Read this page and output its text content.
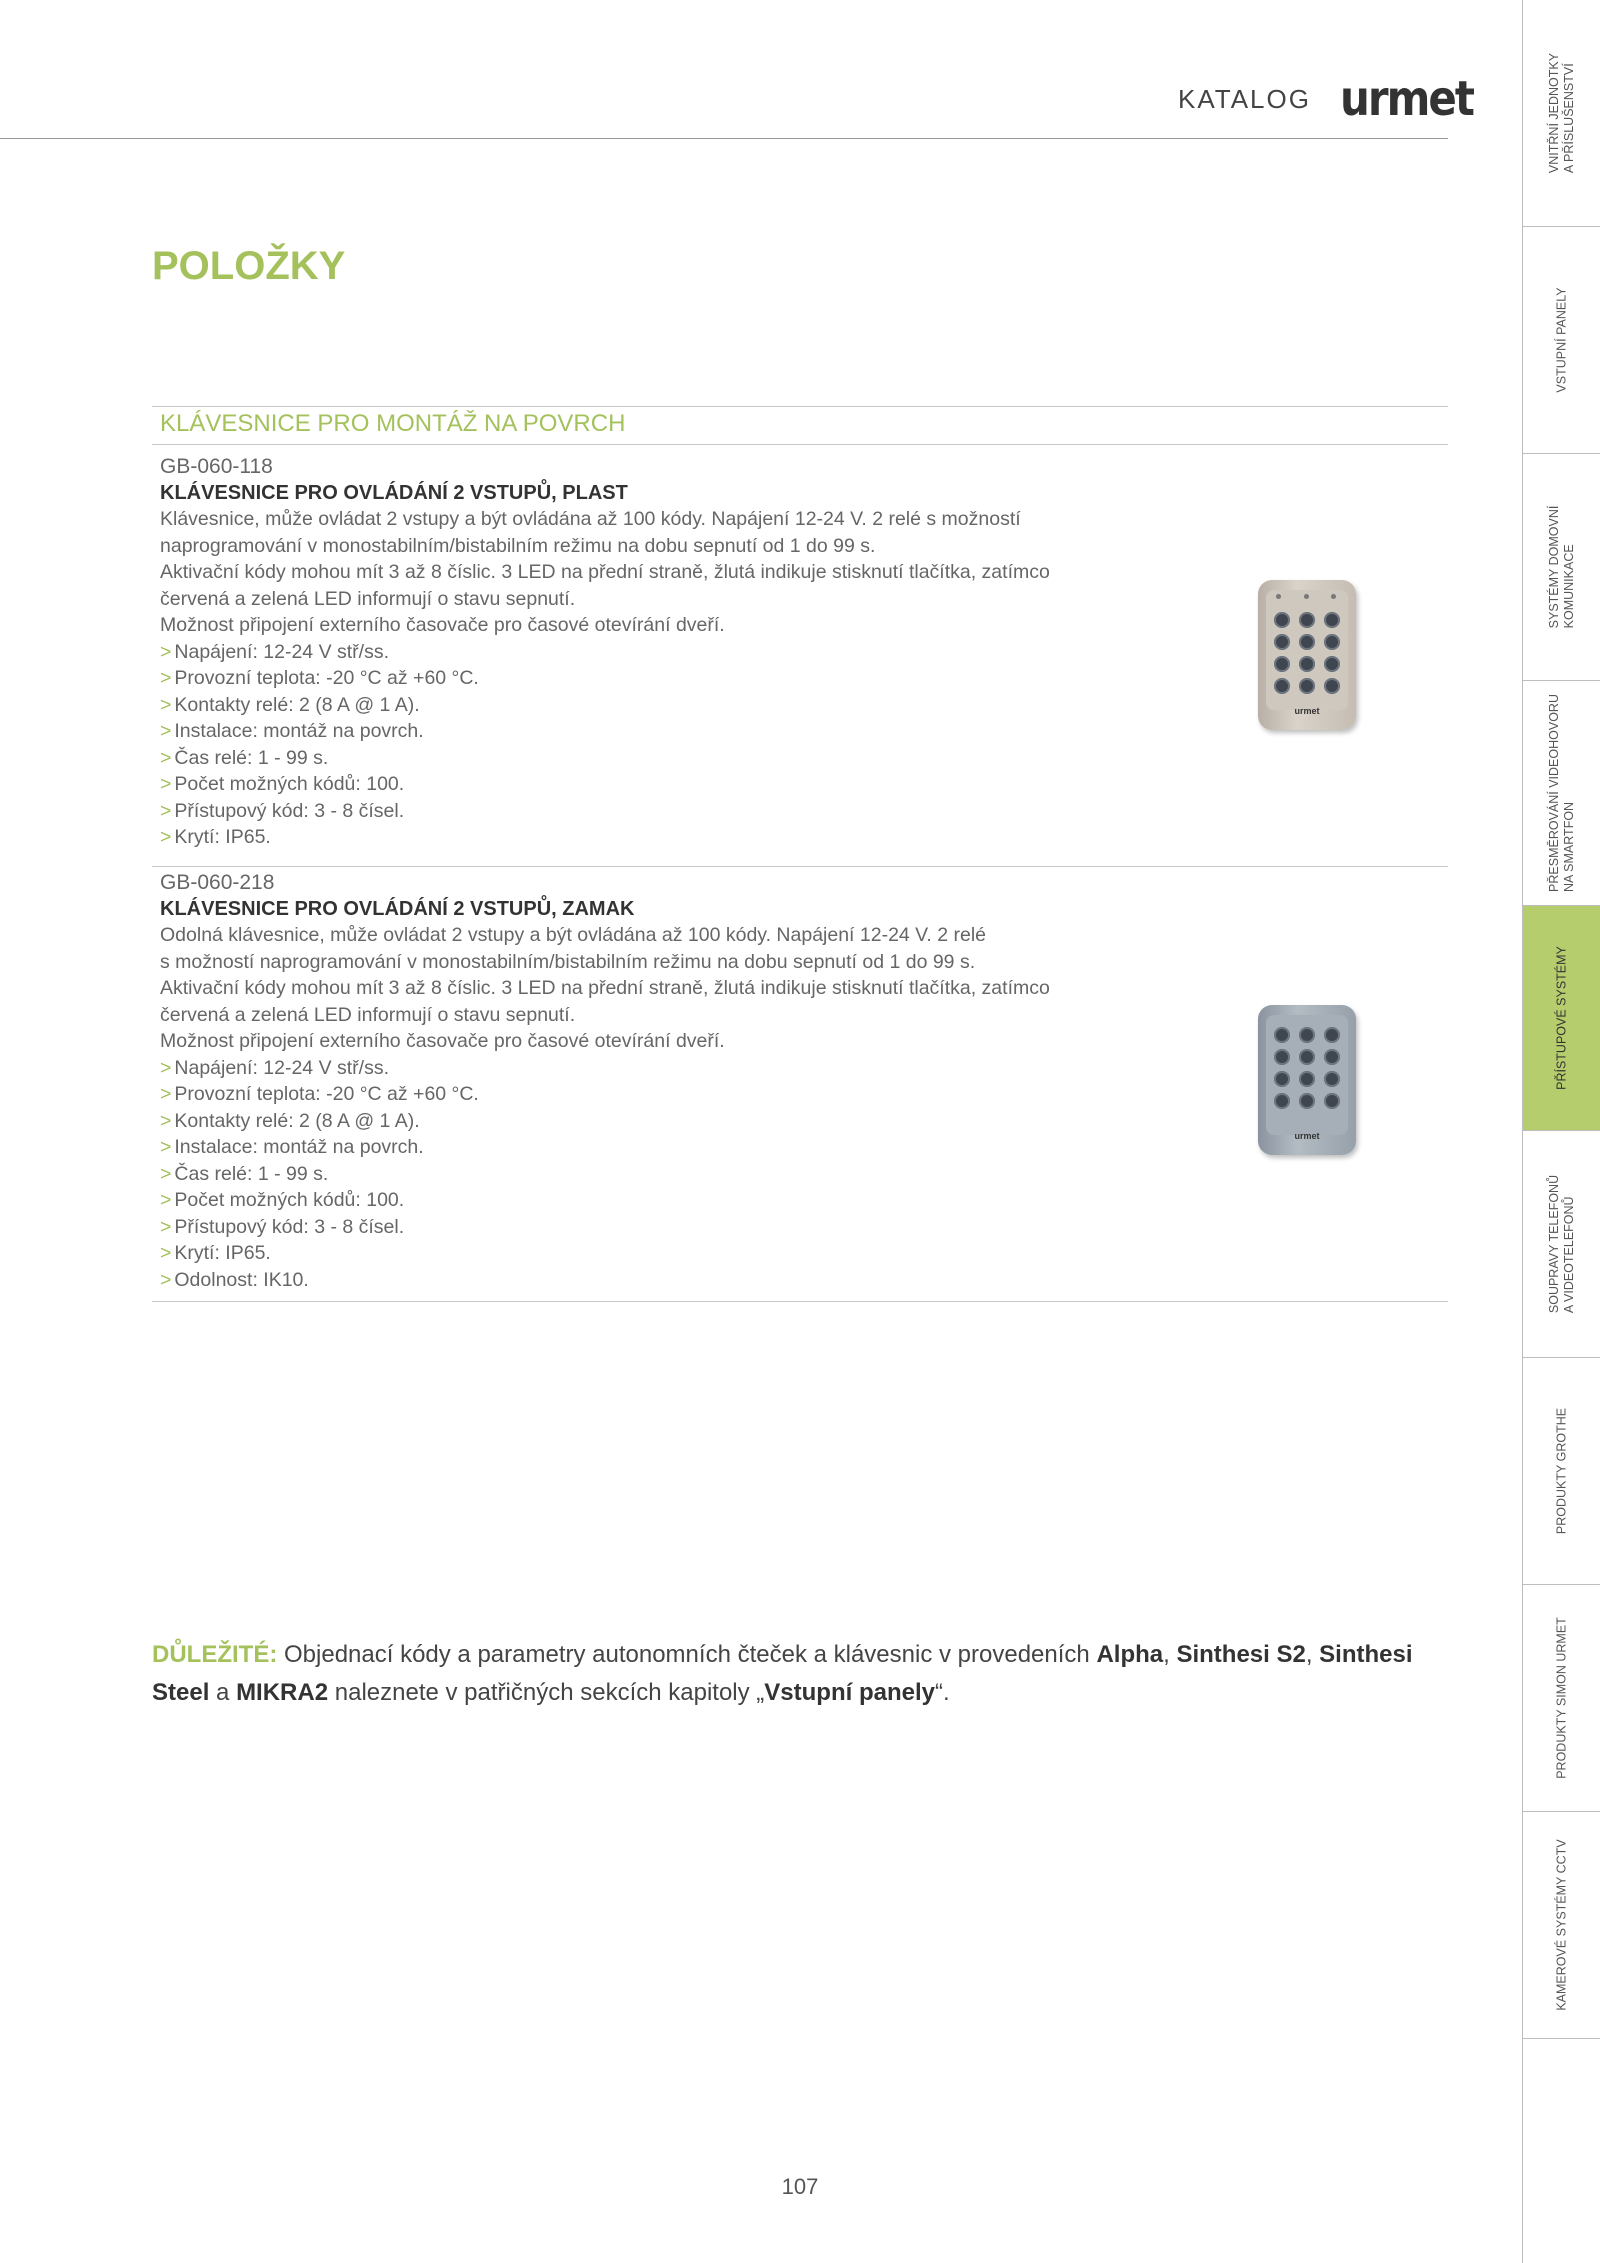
KATALOG urmet
POLOŽKY
KLÁVESNICE PRO MONTÁŽ NA POVRCH
GB-060-118
KLÁVESNICE PRO OVLÁDÁNÍ 2 VSTUPŮ, PLAST
Klávesnice, může ovládat 2 vstupy a být ovládána až 100 kódy. Napájení 12-24 V. 2 relé s možností
naprogramování v monostabilním/bistabilním režimu na dobu sepnutí od 1 do 99 s.
Aktivační kódy mohou mít 3 až 8 číslic. 3 LED na přední straně, žlutá indikuje stisknutí tlačítka, zatímco
červená a zelená LED informují o stavu sepnutí.
Možnost připojení externího časovače pro časové otevírání dveří.
> Napájení: 12-24 V stř/ss.
> Provozní teplota: -20 °C až +60 °C.
> Kontakty relé: 2 (8 A @ 1 A).
> Instalace: montáž na povrch.
> Čas relé: 1 - 99 s.
> Počet možných kódů: 100.
> Přístupový kód: 3 - 8 čísel.
> Krytí: IP65.
urmet
GB-060-218
KLÁVESNICE PRO OVLÁDÁNÍ 2 VSTUPŮ, ZAMAK
Odolná klávesnice, může ovládat 2 vstupy a být ovládána až 100 kódy. Napájení 12-24 V. 2 relé
s možností naprogramování v monostabilním/bistabilním režimu na dobu sepnutí od 1 do 99 s.
Aktivační kódy mohou mít 3 až 8 číslic. 3 LED na přední straně, žlutá indikuje stisknutí tlačítka, zatímco
červená a zelená LED informují o stavu sepnutí.
Možnost připojení externího časovače pro časové otevírání dveří.
> Napájení: 12-24 V stř/ss.
> Provozní teplota: -20 °C až +60 °C.
> Kontakty relé: 2 (8 A @ 1 A).
> Instalace: montáž na povrch.
> Čas relé: 1 - 99 s.
> Počet možných kódů: 100.
> Přístupový kód: 3 - 8 čísel.
> Krytí: IP65.
> Odolnost: IK10.
urmet
DŮLEŽITÉ: Objednací kódy a parametry autonomních čteček a klávesnic v provedeních Alpha, Sinthesi S2, Sinthesi Steel a MIKRA2 naleznete v patřičných sekcích kapitoly „Vstupní panely“.
107
VNITŘNÍ JEDNOTKY A PŘÍSLUŠENSTVÍ
VSTUPNÍ PANELY
SYSTÉMY DOMOVNÍ KOMUNIKACE
PŘESMĚROVÁNÍ VIDEOHOVORU NA SMARTFON
PŘÍSTUPOVÉ SYSTÉMY
SOUPRAVY TELEFONŮ A VIDEOTELEFONŮ
PRODUKTY GROTHE
PRODUKTY SIMON URMET
KAMEROVÉ SYSTÉMY CCTV
